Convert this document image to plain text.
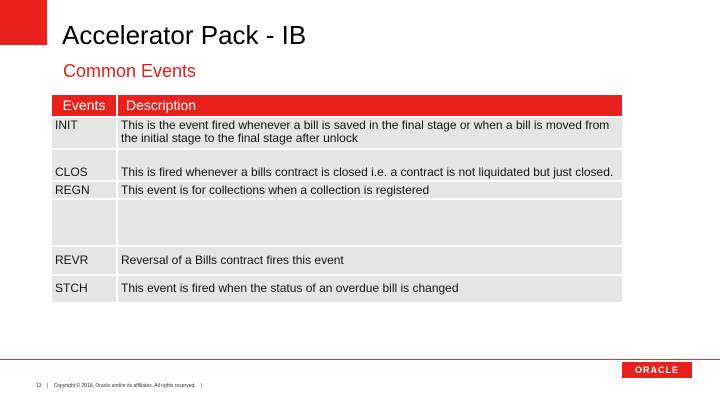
Accelerator Pack - IB
Common Events
Events	Description
INIT	This is the event fired whenever a bill is saved in the final stage or when a bill is moved from the initial stage to the final stage after unlock
CLOS	This is fired whenever a bills contract is closed i.e. a contract is not liquidated but just closed.
REGN	This event is for collections when a collection is registered
REVR	Reversal of a Bills contract fires this event
STCH	This event is fired when the status of an overdue bill is changed
13 | Copyright © 2018, Oracle and/or its affiliates. All rights reserved. |
ORACLE
